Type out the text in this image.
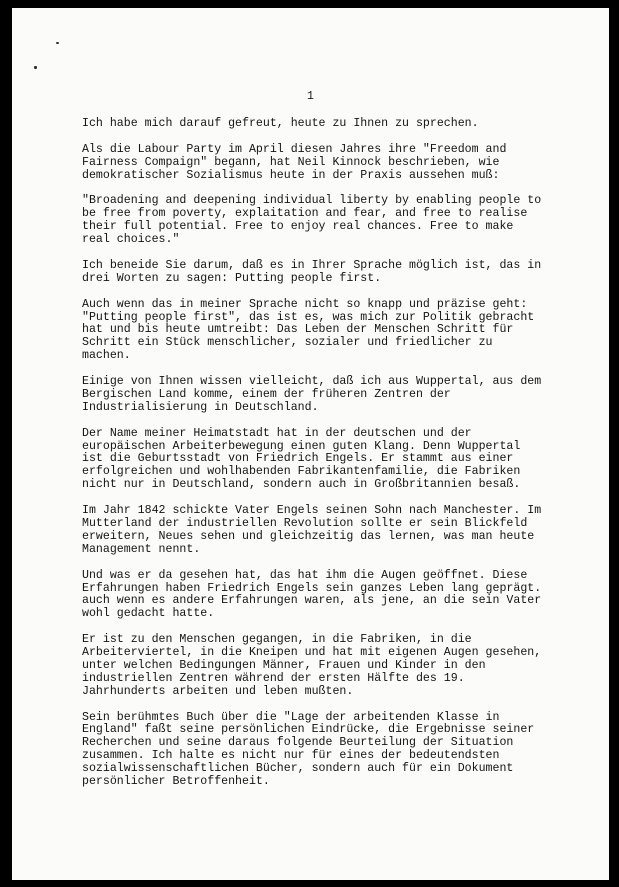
1

Ich habe mich darauf gefreut, heute zu Ihnen zu sprechen.

Als die Labour Party im April diesen Jahres ihre "Freedom and
Fairness Compaign" begann, hat Neil Kinnock beschrieben, wie
demokratischer Sozialismus heute in der Praxis aussehen muß:

"Broadening and deepening individual liberty by enabling people to
be free from poverty, explaitation and fear, and free to realise
their full potential. Free to enjoy real chances. Free to make
real choices."

Ich beneide Sie darum, daß es in Ihrer Sprache möglich ist, das in
drei Worten zu sagen: Putting people first.

Auch wenn das in meiner Sprache nicht so knapp und präzise geht:
"Putting people first", das ist es, was mich zur Politik gebracht
hat und bis heute umtreibt: Das Leben der Menschen Schritt für
Schritt ein Stück menschlicher, sozialer und friedlicher zu
machen.

Einige von Ihnen wissen vielleicht, daß ich aus Wuppertal, aus dem
Bergischen Land komme, einem der früheren Zentren der
Industrialisierung in Deutschland.

Der Name meiner Heimatstadt hat in der deutschen und der
europäischen Arbeiterbewegung einen guten Klang. Denn Wuppertal
ist die Geburtsstadt von Friedrich Engels. Er stammt aus einer
erfolgreichen und wohlhabenden Fabrikantenfamilie, die Fabriken
nicht nur in Deutschland, sondern auch in Großbritannien besaß.

Im Jahr 1842 schickte Vater Engels seinen Sohn nach Manchester. Im
Mutterland der industriellen Revolution sollte er sein Blickfeld
erweitern, Neues sehen und gleichzeitig das lernen, was man heute
Management nennt.

Und was er da gesehen hat, das hat ihm die Augen geöffnet. Diese
Erfahrungen haben Friedrich Engels sein ganzes Leben lang geprägt.
auch wenn es andere Erfahrungen waren, als jene, an die sein Vater
wohl gedacht hatte.

Er ist zu den Menschen gegangen, in die Fabriken, in die
Arbeiterviertel, in die Kneipen und hat mit eigenen Augen gesehen,
unter welchen Bedingungen Männer, Frauen und Kinder in den
industriellen Zentren während der ersten Hälfte des 19.
Jahrhunderts arbeiten und leben mußten.

Sein berühmtes Buch über die "Lage der arbeitenden Klasse in
England" faßt seine persönlichen Eindrücke, die Ergebnisse seiner
Recherchen und seine daraus folgende Beurteilung der Situation
zusammen. Ich halte es nicht nur für eines der bedeutendsten
sozialwissenschaftlichen Bücher, sondern auch für ein Dokument
persönlicher Betroffenheit.
